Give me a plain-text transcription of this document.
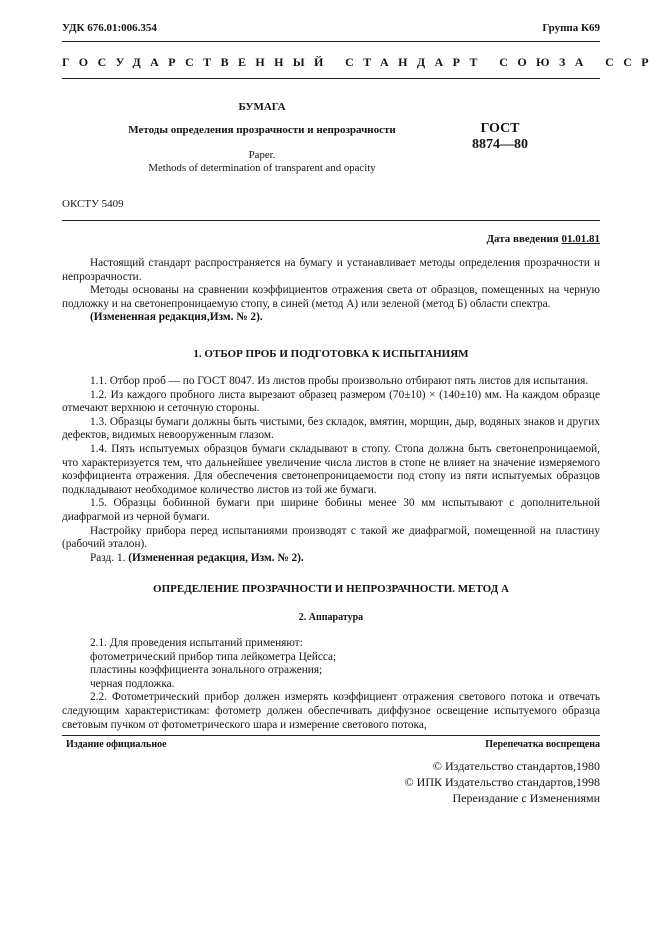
УДК 676.01:006.354	Группа К69
ГОСУДАРСТВЕННЫЙ СТАНДАРТ СОЮЗА ССР
БУМАГА
Методы определения прозрачности и непрозрачности
Paper.
Methods of determination of transparent and opacity
ГОСТ
8874—80
ОКСТУ 5409
Дата введения 01.01.81

Настоящий стандарт распространяется на бумагу и устанавливает методы определения прозрачности и непрозрачности.

Методы основаны на сравнении коэффициентов отражения света от образцов, помещенных на черную подложку и на светонепроницаемую стопу, в синей (метод А) или зеленой (метод Б) области спектра.

(Измененная редакция,Изм. № 2).

1. ОТБОР ПРОБ И ПОДГОТОВКА К ИСПЫТАНИЯМ

1.1. Отбор проб — по ГОСТ 8047. Из листов пробы произвольно отбирают пять листов для испытания.

1.2. Из каждого пробного листа вырезают образец размером (70±10) × (140±10) мм. На каждом образце отмечают верхнюю и сеточную стороны.

1.3. Образцы бумаги должны быть чистыми, без складок, вмятин, морщин, дыр, водяных знаков и других дефектов, видимых невооруженным глазом.

1.4. Пять испытуемых образцов бумаги складывают в стопу. Стопа должна быть светонепроницаемой, что характеризуется тем, что дальнейшее увеличение числа листов в стопе не влияет на значение измеряемого коэффициента отражения. Для обеспечения светонепроницаемости под стопу из пяти испытуемых образцов подкладывают необходимое количество листов из той же бумаги.

1.5. Образцы бобинной бумаги при ширине бобины менее 30 мм испытывают с дополнительной диафрагмой из черной бумаги.

Настройку прибора перед испытаниями производят с такой же диафрагмой, помещенной на пластину (рабочий эталон).

Разд. 1. (Измененная редакция, Изм. № 2).

ОПРЕДЕЛЕНИЕ ПРОЗРАЧНОСТИ И НЕПРОЗРАЧНОСТИ. МЕТОД А
2. Аппаратура

2.1. Для проведения испытаний применяют:

фотометрический прибор типа лейкометра Цейсса;

пластины коэффициента зонального отражения;

черная подложка.

2.2. Фотометрический прибор должен измерять коэффициент отражения светового потока и отвечать следующим характеристикам: фотометр должен обеспечивать диффузное освещение испытуемого образца световым пучком от фотометрического шара и измерение светового потока,

Издание официальное	Перепечатка воспрещена
© Издательство стандартов,1980
© ИПК Издательство стандартов,1998
Переиздание с Изменениями
